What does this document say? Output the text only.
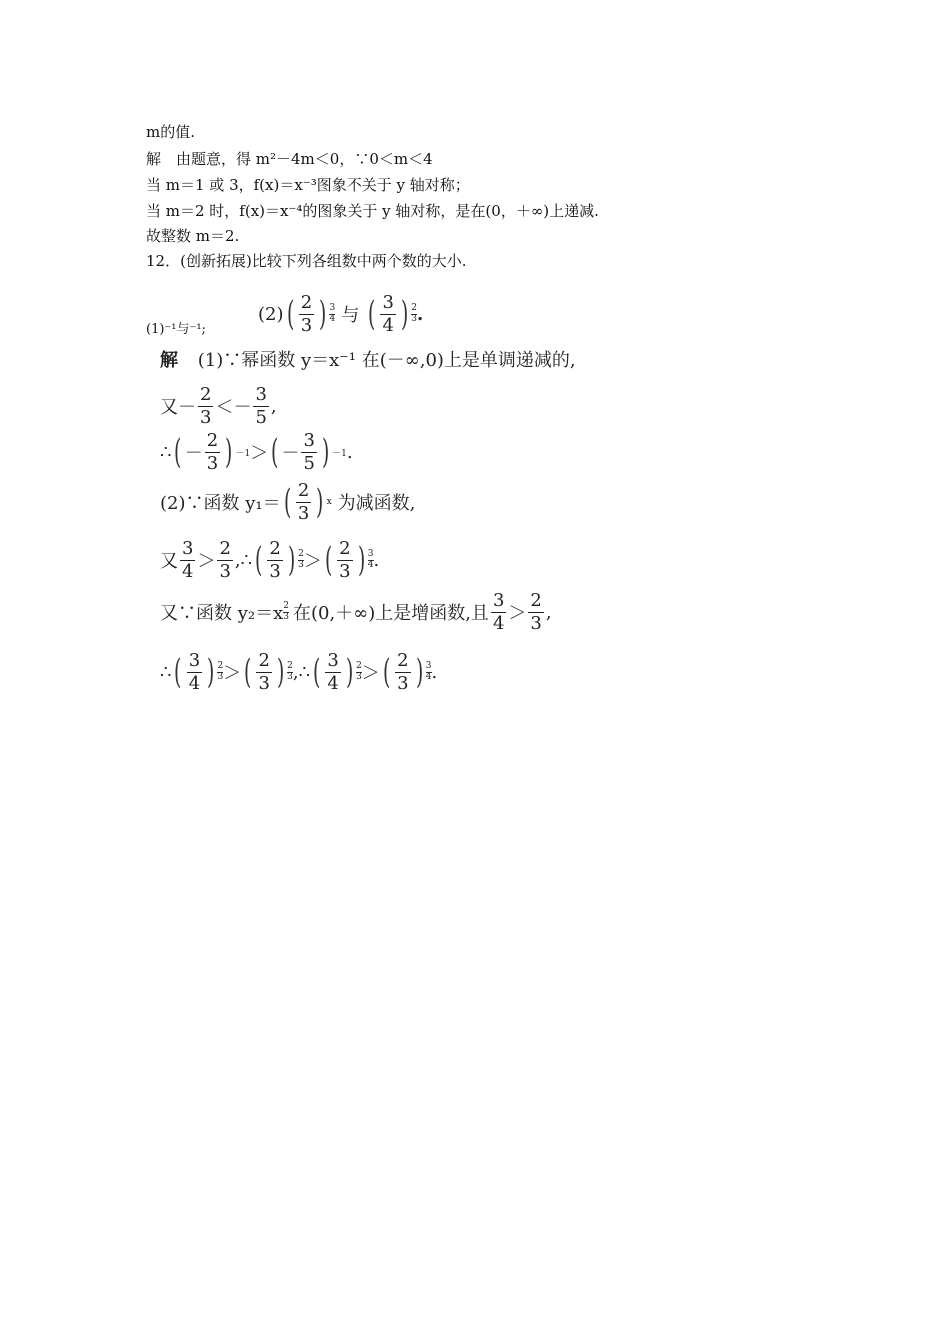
m的值.
解　由题意，得 m²－4m＜0，∵0＜m＜4
当 m＝1 或 3，f(x)＝x⁻³图象不关于 y 轴对称；
当 m＝2 时，f(x)＝x⁻⁴的图象关于 y 轴对称，是在(0，＋∞)上递减.
故整数 m＝2.
12．(创新拓展)比较下列各组数中两个数的大小.
(1)⁻¹与⁻¹;
(2) ( $\frac{2}{3}$ ) 3
4 与 ( $\frac{3}{4}$ ) 2
3 .
解 (1)∵幂函数 y＝x⁻¹ 在(－∞,0)上是单调递减的,
又－ $\frac{2}{3} <- \frac{3}{5}$ ,
∴ ( － $\frac{2}{3}$ ) －1 ＞ ( － $\frac{3}{5}$ ) －1 .
(2)∵函数 y₁＝ ( $\frac{2}{3}$ ) x 为减函数,
又 $\frac{3}{4} > \frac{2}{3}$ ,∴ ( $\frac{2}{3}$ ) 2
3 ＞ ( $\frac{2}{3}$ ) 3
4 .
又∵函数 y₂＝x 2
3 在(0,＋∞)上是增函数,且 $\frac{3}{4} > \frac{2}{3}$ ,
∴ ( $\frac{3}{4}$ ) 2
3 ＞ ( $\frac{2}{3}$ ) 2
3 ,∴ ( $\frac{3}{4}$ ) 2
3 ＞ ( $\frac{2}{3}$ ) 3
4 .
